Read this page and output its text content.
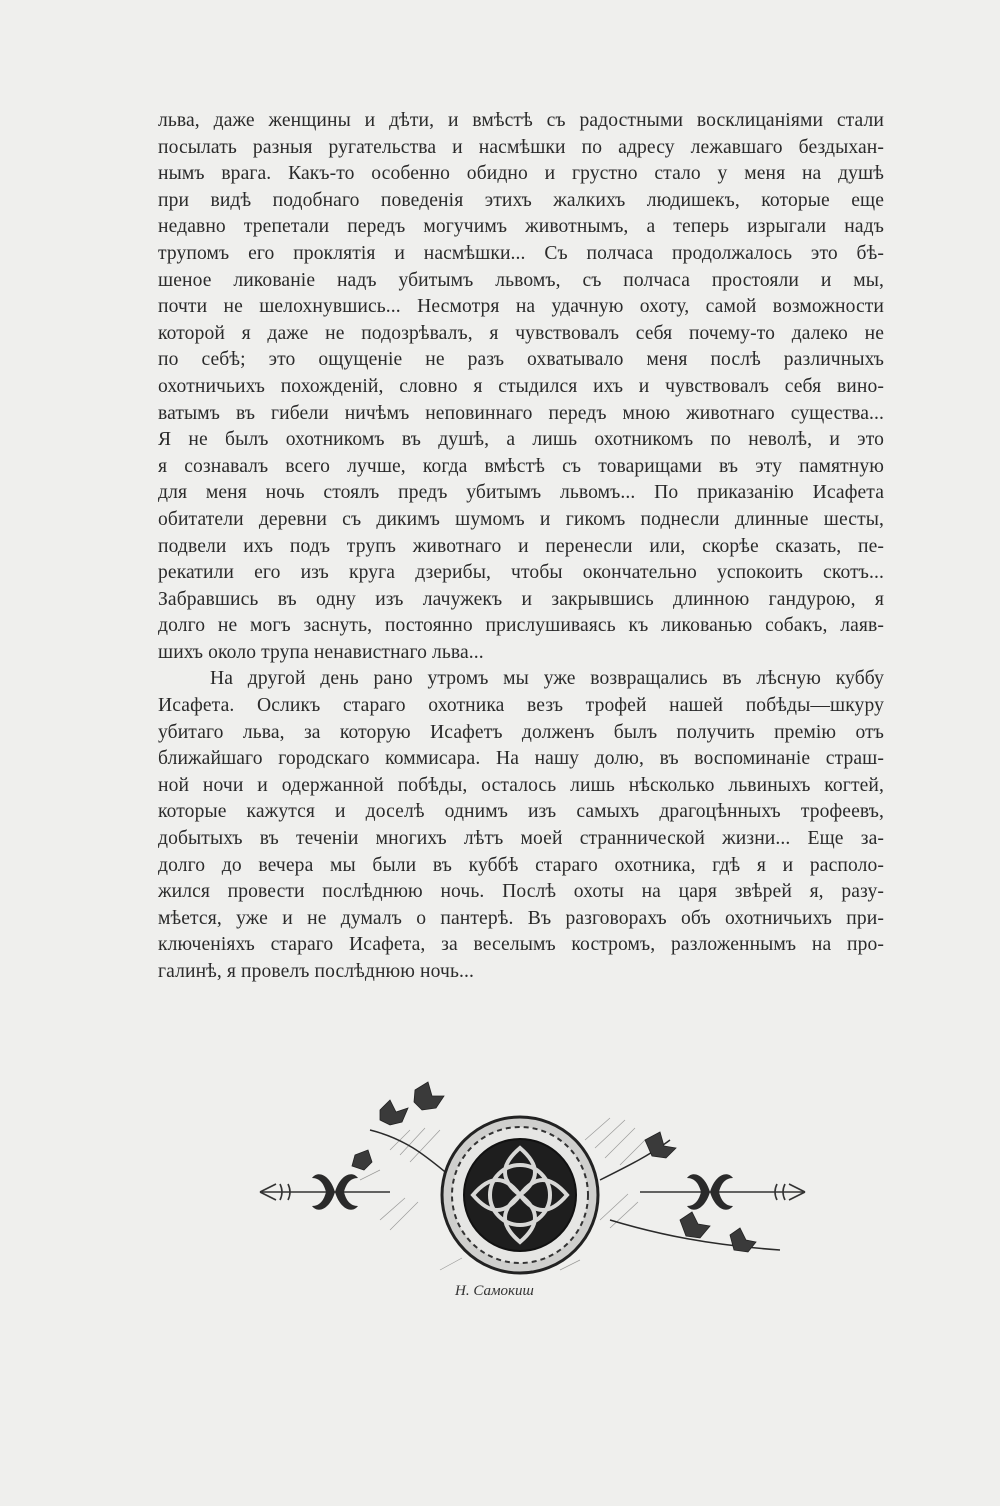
льва, даже женщины и дѣти, и вмѣстѣ съ радостными восклицаніями стали
посылать разныя ругательства и насмѣшки по адресу лежавшаго бездыхан-
нымъ врага. Какъ-то особенно обидно и грустно стало у меня на душѣ
при видѣ подобнаго поведенія этихъ жалкихъ людишекъ, которые еще
недавно трепетали передъ могучимъ животнымъ, а теперь изрыгали надъ
трупомъ его проклятія и насмѣшки... Съ полчаса продолжалось это бѣ-
шеное ликованіе надъ убитымъ львомъ, съ полчаса простояли и мы,
почти не шелохнувшись... Несмотря на удачную охоту, самой возможности
которой я даже не подозрѣвалъ, я чувствовалъ себя почему-то далеко не
по себѣ; это ощущеніе не разъ охватывало меня послѣ различныхъ
охотничьихъ похожденій, словно я стыдился ихъ и чувствовалъ себя вино-
ватымъ въ гибели ничѣмъ неповиннаго передъ мною животнаго существа...
Я не былъ охотникомъ въ душѣ, а лишь охотникомъ по неволѣ, и это
я сознавалъ всего лучше, когда вмѣстѣ съ товарищами въ эту памятную
для меня ночь стоялъ предъ убитымъ львомъ... По приказанію Исафета
обитатели деревни съ дикимъ шумомъ и гикомъ поднесли длинные шесты,
подвели ихъ подъ трупъ животнаго и перенесли или, скорѣе сказать, пе-
рекатили его изъ круга дзерибы, чтобы окончательно успокоить скотъ...
Забравшись въ одну изъ лачужекъ и закрывшись длинною гандурою, я
долго не могъ заснуть, постоянно прислушиваясь къ ликованью собакъ, лаяв-
шихъ около трупа ненавистнаго льва...
На другой день рано утромъ мы уже возвращались въ лѣсную куббу
Исафета. Осликъ стараго охотника везъ трофей нашей побѣды—шкуру
убитаго льва, за которую Исафетъ долженъ былъ получить премію отъ
ближайшаго городскаго коммисара. На нашу долю, въ воспоминаніе страш-
ной ночи и одержанной побѣды, осталось лишь нѣсколько львиныхъ когтей,
которые кажутся и доселѣ однимъ изъ самыхъ драгоцѣнныхъ трофеевъ,
добытыхъ въ теченіи многихъ лѣтъ моей страннической жизни... Еще за-
долго до вечера мы были въ куббѣ стараго охотника, гдѣ я и располо-
жился провести послѣднюю ночь. Послѣ охоты на царя звѣрей я, разу-
мѣется, уже и не думалъ о пантерѣ. Въ разговорахъ объ охотничьихъ при-
ключеніяхъ стараго Исафета, за веселымъ костромъ, разложеннымъ на про-
галинѣ, я провелъ послѣднюю ночь...
Н. Самокиш
